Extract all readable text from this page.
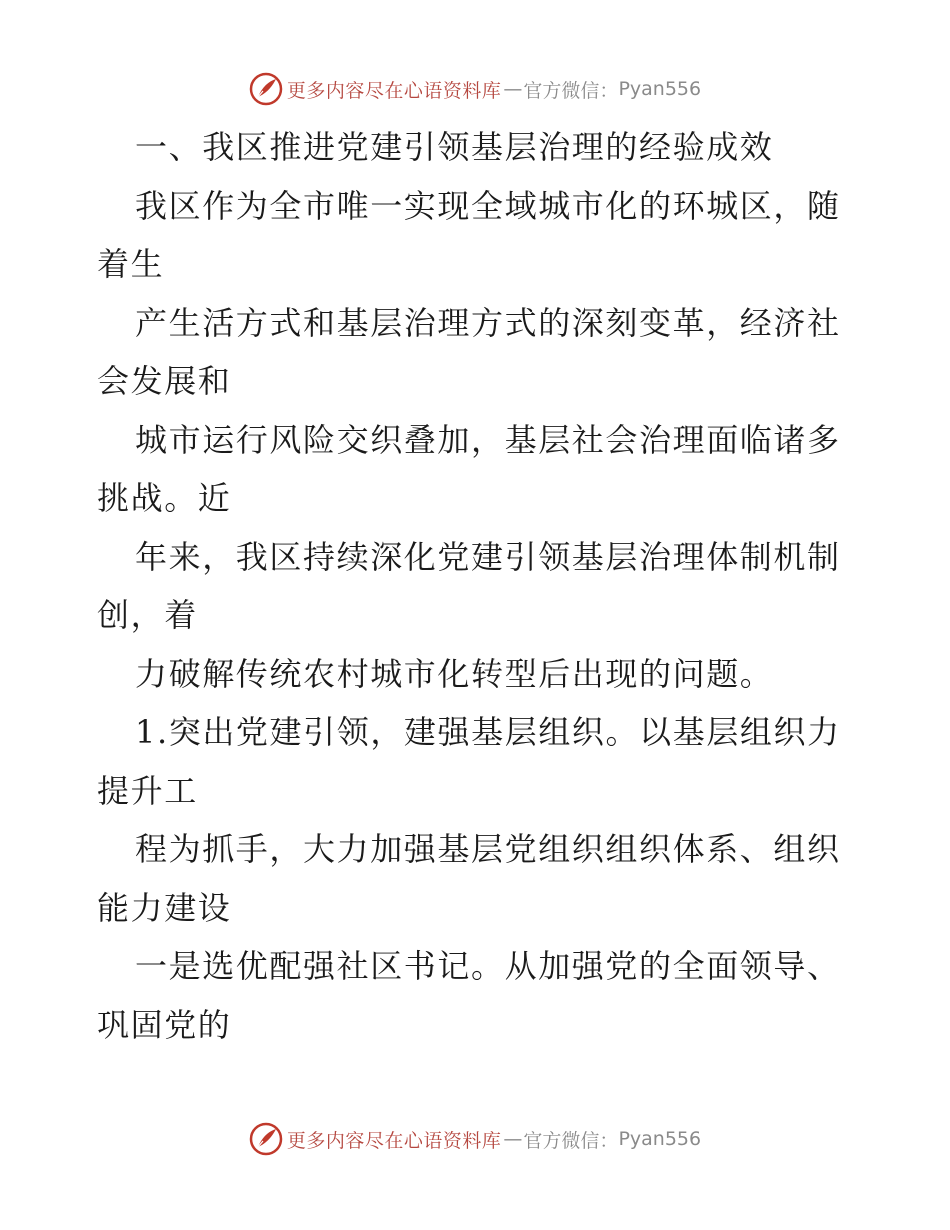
更多内容尽在心语资料库 — 官方微信： Pyan556

一、我区推进党建引领基层治理的经验成效

我区作为全市唯一实现全域城市化的环城区，随着生

产生活方式和基层治理方式的深刻变革，经济社会发展和

城市运行风险交织叠加，基层社会治理面临诸多挑战。近

年来，我区持续深化党建引领基层治理体制机制创，着

力破解传统农村城市化转型后出现的问题。

1.突出党建引领，建强基层组织。以基层组织力提升工

程为抓手，大力加强基层党组织组织体系、组织能力建设

一是选优配强社区书记。从加强党的全面领导、巩固党的

更多内容尽在心语资料库 — 官方微信： Pyan556
